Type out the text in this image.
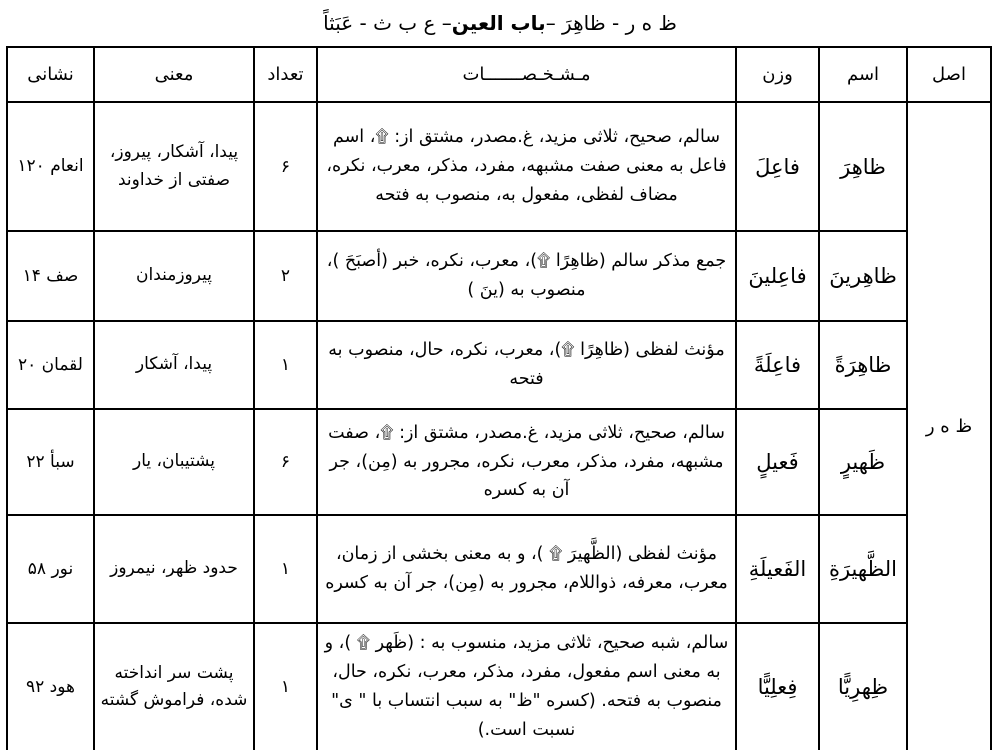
ظ ه ر - ظاهِرَ –
باب العين
– ع ب ث - عَبَثاً
اصل	اسم	وزن	مـشـخـصـــــــات	تعداد	معنی	نشانی
ظ ه ر	ظاهِرَ	فاعِلَ	سالم، صحیح، ثلاثی مزید، غ.مصدر، مشتق از: ۩، اسم فاعل به معنی صفت مشبهه، مفرد، مذکر، معرب، نکره، مضاف لفظی، مفعول به، منصوب به فتحه	۶	پیدا، آشکار، پیروز، صفتی از خداوند	انعام ۱۲۰
	ظاهِرینَ	فاعِلینَ	جمع مذکر سالم (ظاهِرًا ۩)، معرب، نکره، خبر (أصبَحَ )، منصوب به (ینَ )	۲	پیروزمندان	صف ۱۴
	ظاهِرَةً	فاعِلَةً	مؤنث لفظی (ظاهِرًا ۩)، معرب، نکره، حال، منصوب به فتحه	۱	پیدا، آشکار	لقمان ۲۰
	ظَهیرٍ	فَعیلٍ	سالم، صحیح، ثلاثی مزید، غ.مصدر، مشتق از: ۩، صفت مشبهه، مفرد، مذکر، معرب، نکره، مجرور به (مِن)، جر آن به کسره	۶	پشتیبان، یار	سبأ ۲۲
	الظَّهیرَةِ	الفَعیلَةِ	مؤنث لفظی (الظَّهیرَ ۩ )، و به معنی بخشی از زمان، معرب، معرفه، ذواللام، مجرور به (مِن)، جر آن به کسره	۱	حدود ظهر، نیمروز	نور ۵۸
	ظِهرِیًّا	فِعلِیًّا	سالم، شبه صحیح، ثلاثی مزید، منسوب به : (ظَهر ۩ )، و به معنی اسم مفعول، مفرد، مذکر، معرب، نکره، حال، منصوب به فتحه. (کسره "ظ" به سبب انتساب با " ی" نسبت است.)	۱	پشت سر انداخته شده، فراموش گشته	هود ۹۲
